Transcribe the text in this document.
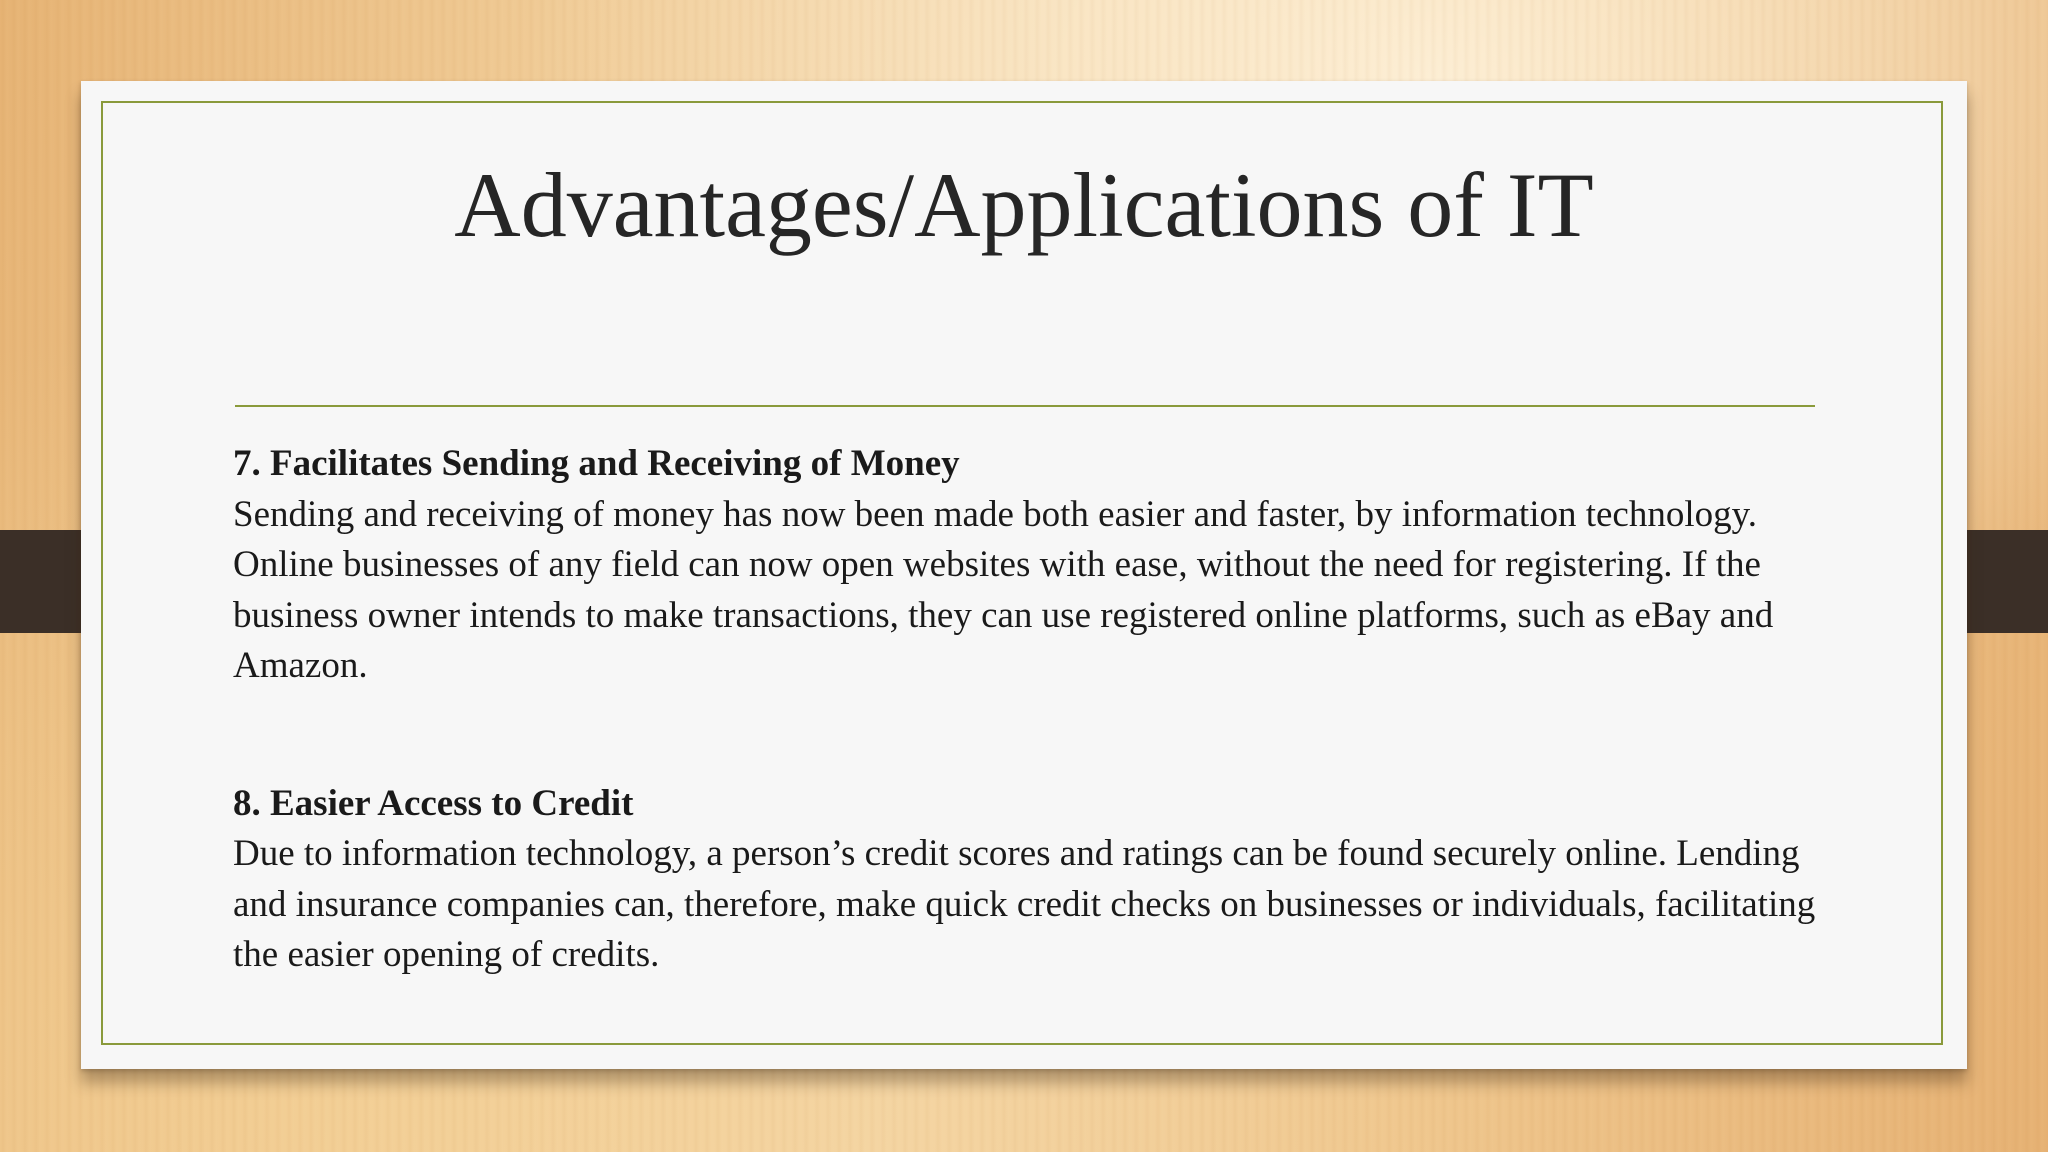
Advantages/Applications of IT

7. Facilitates Sending and Receiving of Money

Sending and receiving of money has now been made both easier and faster, by information technology. Online businesses of any field can now open websites with ease, without the need for registering. If the business owner intends to make transactions, they can use registered online platforms, such as eBay and Amazon.

8. Easier Access to Credit

Due to information technology, a person’s credit scores and ratings can be found securely online. Lending and insurance companies can, therefore, make quick credit checks on businesses or individuals, facilitating the easier opening of credits.
